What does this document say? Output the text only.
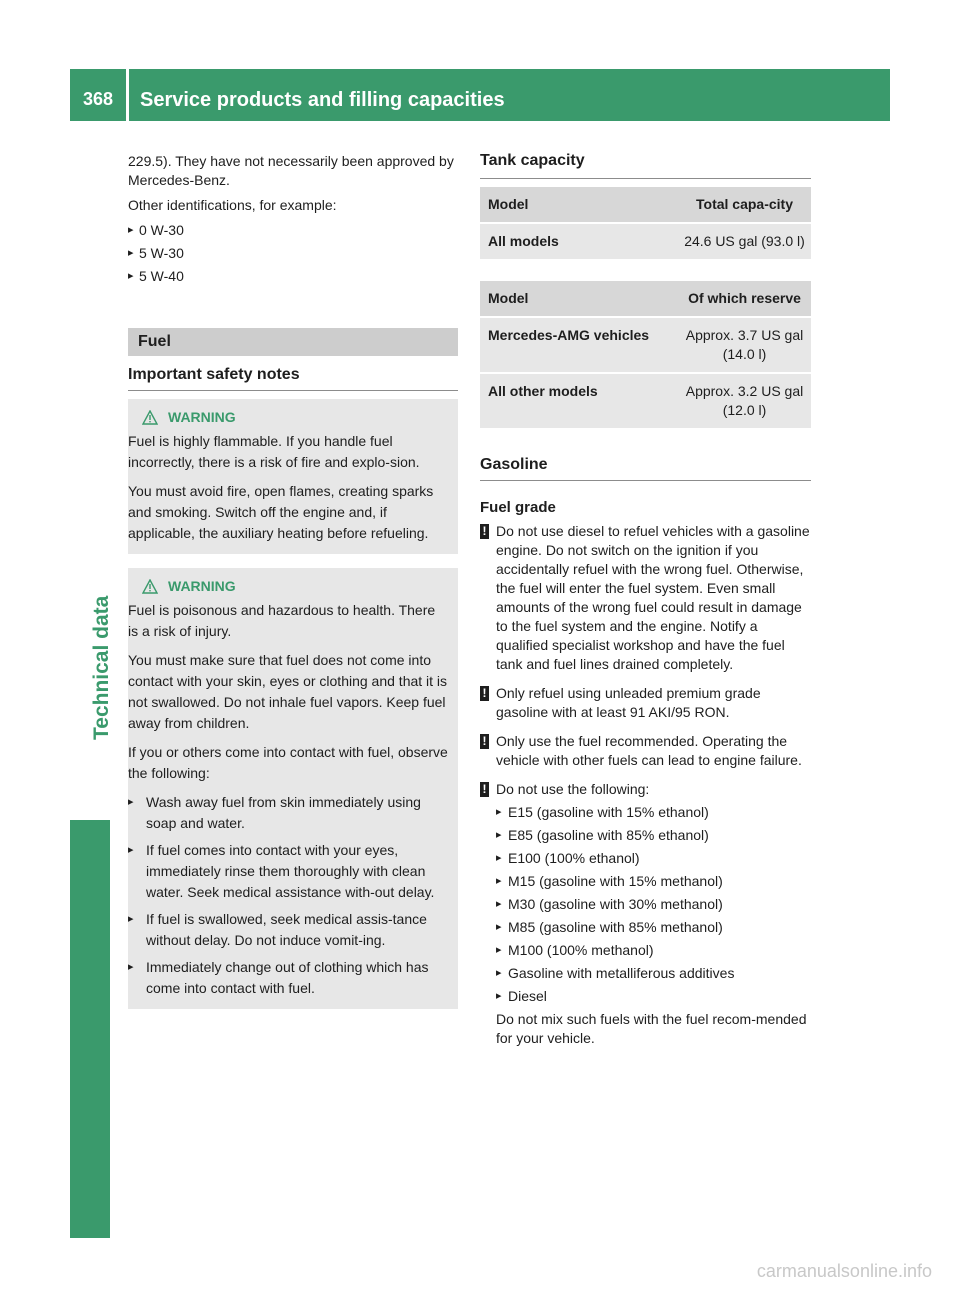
368	Service products and filling capacities
Technical data

229.5). They have not necessarily been approved by Mercedes-Benz.

Other identifications, for example:

▸ 0 W-30
▸ 5 W-30
▸ 5 W-40
Fuel
Important safety notes
WARNING

Fuel is highly flammable. If you handle fuel incorrectly, there is a risk of fire and explo-sion.

You must avoid fire, open flames, creating sparks and smoking. Switch off the engine and, if applicable, the auxiliary heating before refueling.

WARNING

Fuel is poisonous and hazardous to health. There is a risk of injury.

You must make sure that fuel does not come into contact with your skin, eyes or clothing and that it is not swallowed. Do not inhale fuel vapors. Keep fuel away from children.

If you or others come into contact with fuel, observe the following:

▸ Wash away fuel from skin immediately using soap and water.
▸ If fuel comes into contact with your eyes, immediately rinse them thoroughly with clean water. Seek medical assistance with-out delay.
▸ If fuel is swallowed, seek medical assis-tance without delay. Do not induce vomit-ing.
▸ Immediately change out of clothing which has come into contact with fuel.
Tank capacity
Model	Total capa-city
All models	24.6 US gal (93.0 l)
Model	Of which reserve
Mercedes-AMG vehicles	Approx. 3.7 US gal (14.0 l)
All other models	Approx. 3.2 US gal (12.0 l)
Gasoline
Fuel grade
! Do not use diesel to refuel vehicles with a gasoline engine. Do not switch on the ignition if you accidentally refuel with the wrong fuel. Otherwise, the fuel will enter the fuel system. Even small amounts of the wrong fuel could result in damage to the fuel system and the engine. Notify a qualified specialist workshop and have the fuel tank and fuel lines drained completely.
! Only refuel using unleaded premium grade gasoline with at least 91 AKI/95 RON.
! Only use the fuel recommended. Operating the vehicle with other fuels can lead to engine failure.
! Do not use the following:
▸ E15 (gasoline with 15% ethanol)
▸ E85 (gasoline with 85% ethanol)
▸ E100 (100% ethanol)
▸ M15 (gasoline with 15% methanol)
▸ M30 (gasoline with 30% methanol)
▸ M85 (gasoline with 85% methanol)
▸ M100 (100% methanol)
▸ Gasoline with metalliferous additives
▸ Diesel

Do not mix such fuels with the fuel recom-mended for your vehicle.

carmanualsonline.info
